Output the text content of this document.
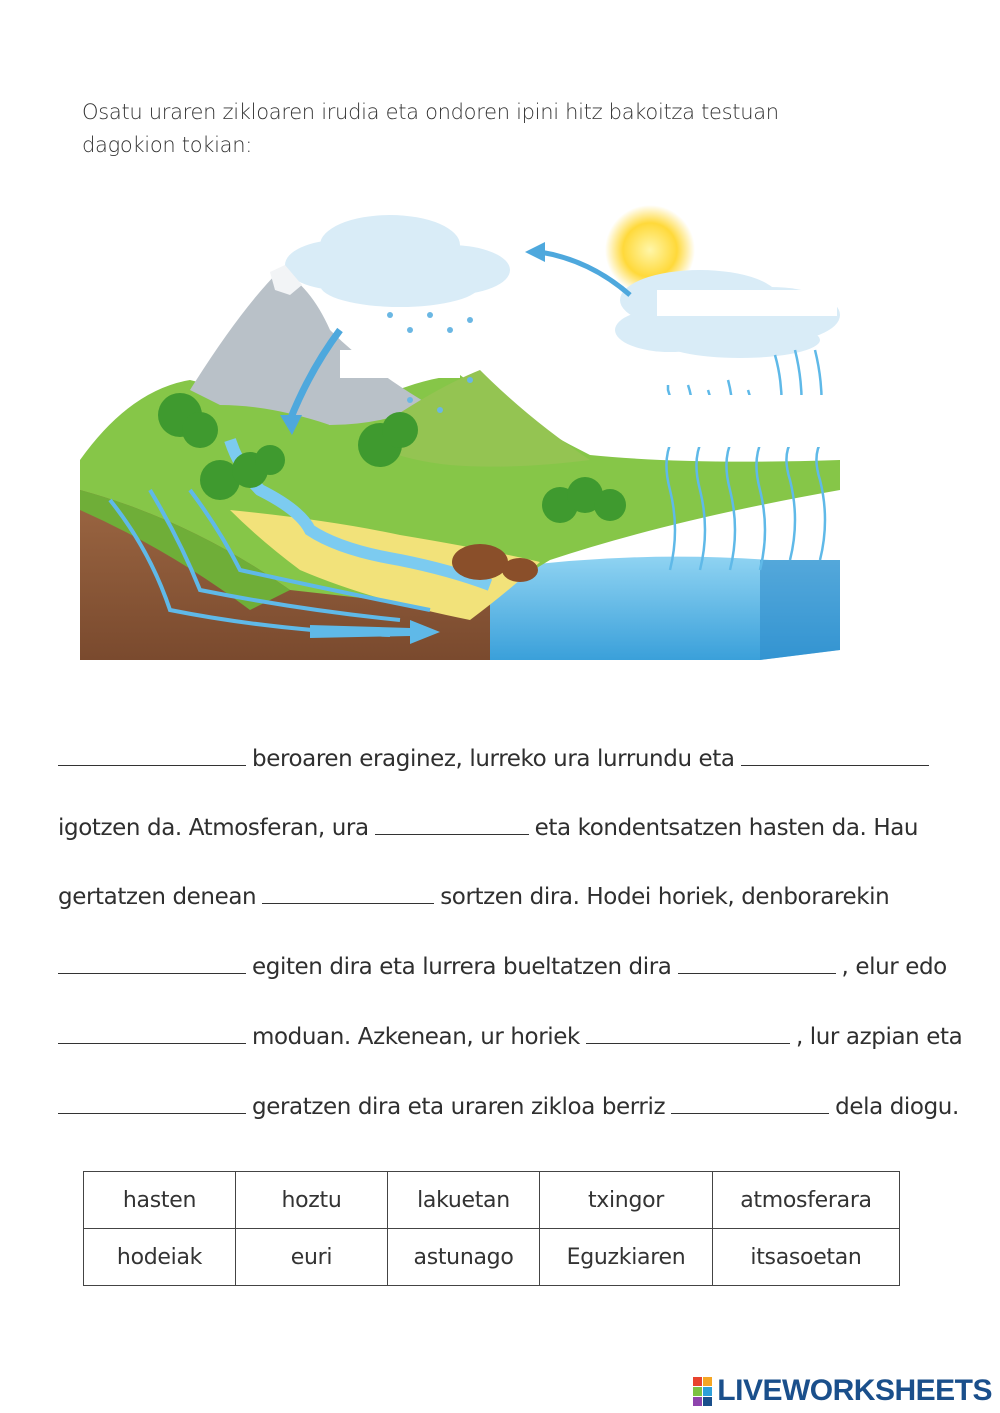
Osatu uraren zikloaren irudia eta ondoren ipini hitz bakoitza testuan dagokion tokian:
beroaren eraginez, lurreko ura lurrundu eta
igotzen da. Atmosferan, ura	eta kondentsatzen hasten da. Hau
gertatzen denean	sortzen dira. Hodei horiek, denborarekin
egiten dira eta lurrera bueltatzen dira	, elur edo
moduan. Azkenean, ur horiek	, lur azpian eta
geratzen dira eta uraren zikloa berriz	dela diogu.
hasten	hoztu	lakuetan	txingor	atmosferara
hodeiak	euri	astunago	Eguzkiaren	itsasoetan
LIVEWORKSHEETS
